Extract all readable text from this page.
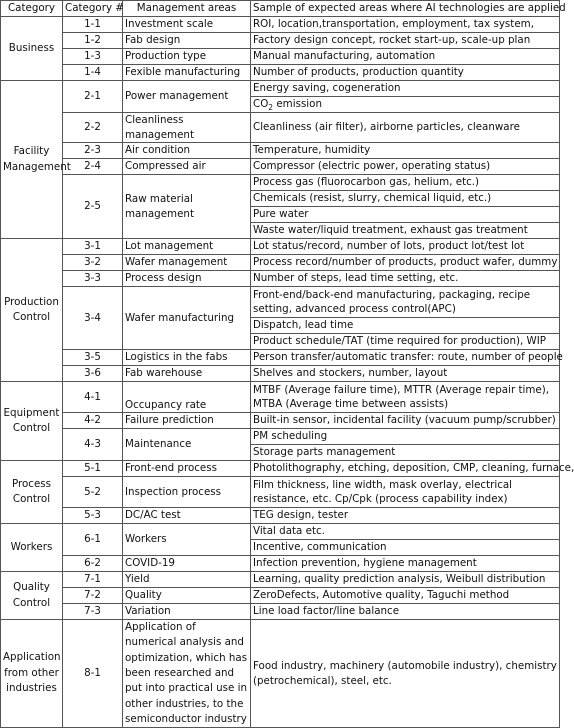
Category	Category #	Management areas	Sample of expected areas where AI technologies are applied
Business	1-1	Investment scale	ROI, location,transportation, employment, tax system,
	1-2	Fab design	Factory design concept, rocket start-up, scale-up plan
	1-3	Production type	Manual manufacturing, automation
	1-4	Fexible manufacturing	Number of products, production quantity
Facility Management	2-1	Power management	Energy saving, cogeneration
			$CO_2$ emission
	2-2	Cleanliness management	Cleanliness (air filter), airborne particles, cleanware
	2-3	Air condition	Temperature, humidity
	2-4	Compressed air	Compressor (electric power, operating status)
	2-5	Raw material management	Process gas (fluorocarbon gas, helium, etc.)
			Chemicals (resist, slurry, chemical liquid, etc.)
			Pure water
			Waste water/liquid treatment, exhaust gas treatment

Production Control	3-1	Lot management	Lot status/record, number of lots, product lot/test lot
	3-2	Wafer management	Process record/number of products, product wafer, dummy
	3-3	Process design	Number of steps, lead time setting, etc.
	3-4	Wafer manufacturing	Front-end/back-end manufacturing, packaging, recipe setting, advanced process control(APC)
			Dispatch, lead time
			Product schedule/TAT (time required for production), WIP
	3-5	Logistics in the fabs	Person transfer/automatic transfer: route, number of people
	3-6	Fab warehouse	Shelves and stockers, number, layout

Equipment Control	4-1	Occupancy rate	MTBF (Average failure time), MTTR (Average repair time), MTBA (Average time between assists)
	4-2	Failure prediction	Built-in sensor, incidental facility (vacuum pump/scrubber)
	4-3	Maintenance	PM scheduling
			Storage parts management

Process Control	5-1	Front-end process	Photolithography, etching, deposition, CMP, cleaning, furnace,
	5-2	Inspection process	Film thickness, line width, mask overlay, electrical resistance, etc. Cp/Cpk (process capability index)
	5-3	DC/AC test	TEG design, tester

Workers	6-1	Workers	Vital data etc.
			Incentive, communication
	6-2	COVID-19	Infection prevention, hygiene management

Quality Control	7-1	Yield	Learning, quality prediction analysis, Weibull distribution
	7-2	Quality	ZeroDefects, Automotive quality, Taguchi method
	7-3	Variation	Line load factor/line balance
Application from other industries	8-1	Application of numerical analysis and optimization, which has been researched and put into practical use in other industries, to the semiconductor industry	Food industry, machinery (automobile industry), chemistry (petrochemical), steel, etc.
